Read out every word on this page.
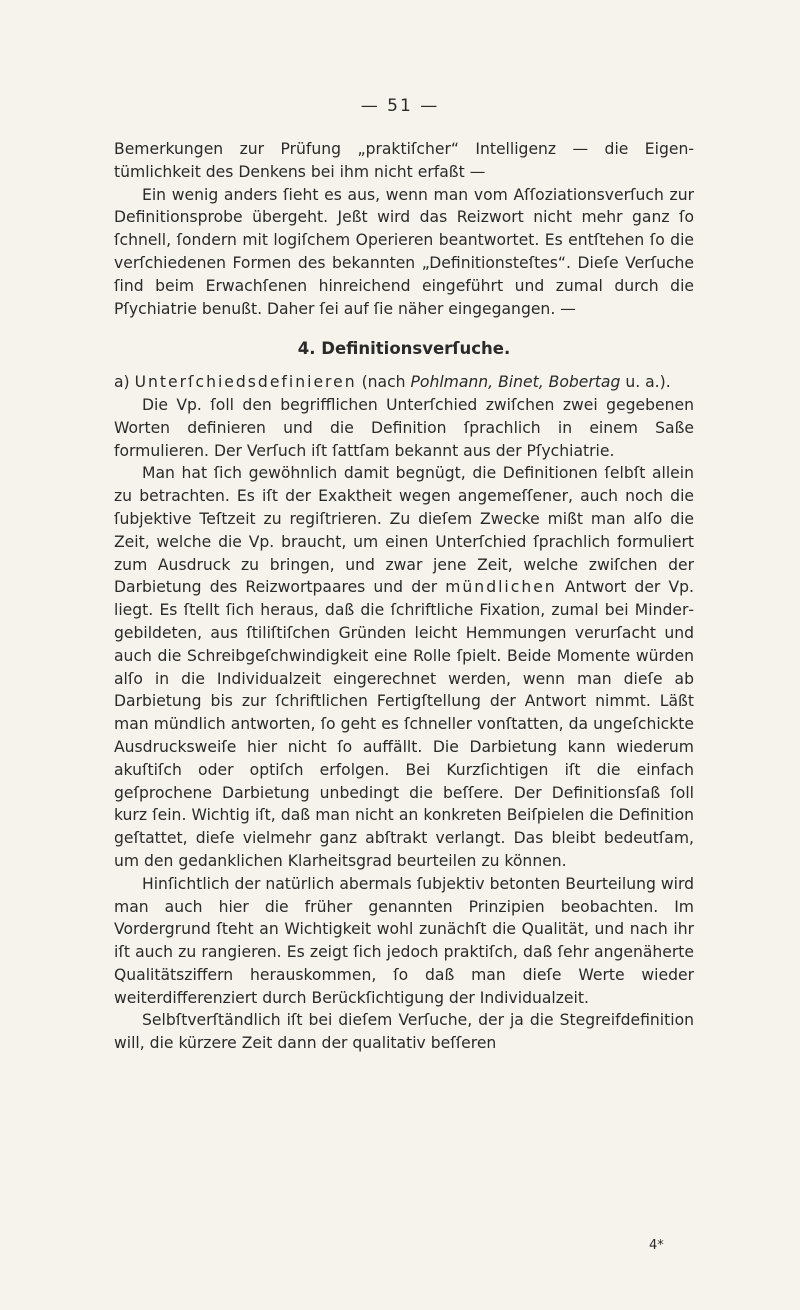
— 51 —

Bemerkungen zur Prüfung „praktiſcher“ Intelligenz — die Eigentümlichkeit des Denkens bei ihm nicht erfaßt —

Ein wenig anders ſieht es aus, wenn man vom Aſſoziationsverſuch zur Definitionsprobe übergeht. Jeßt wird das Reizwort nicht mehr ganz ſo ſchnell, ſondern mit logiſchem Operieren beantwortet. Es entſtehen ſo die verſchiedenen Formen des bekannten „Definitionsteſtes“. Dieſe Verſuche ſind beim Erwachſenen hinreichend eingeführt und zumal durch die Pſychiatrie benußt. Daher ſei auf ſie näher eingegangen. —

4. Definitionsverſuche.

a) Unterſchiedsdefinieren (nach Pohlmann, Binet, Bobertag u. a.).

Die Vp. ſoll den begrifflichen Unterſchied zwiſchen zwei gegebenen Worten definieren und die Definition ſprachlich in einem Saße formulieren. Der Verſuch iſt ſattſam bekannt aus der Pſychiatrie.

Man hat ſich gewöhnlich damit begnügt, die Definitionen ſelbſt allein zu betrachten. Es iſt der Exaktheit wegen angemeſſener, auch noch die ſubjektive Teſtzeit zu regiſtrieren. Zu dieſem Zwecke mißt man alſo die Zeit, welche die Vp. braucht, um einen Unterſchied ſprachlich formuliert zum Ausdruck zu bringen, und zwar jene Zeit, welche zwiſchen der Darbietung des Reizwortpaares und der mündlichen Antwort der Vp. liegt. Es ſtellt ſich heraus, daß die ſchriftliche Fixation, zumal bei Mindergebildeten, aus ſtiliſtiſchen Gründen leicht Hemmungen verurſacht und auch die Schreibgeſchwindigkeit eine Rolle ſpielt. Beide Momente würden alſo in die Individualzeit eingerechnet werden, wenn man dieſe ab Darbietung bis zur ſchriftlichen Fertigſtellung der Antwort nimmt. Läßt man mündlich antworten, ſo geht es ſchneller vonſtatten, da ungeſchickte Ausdrucksweiſe hier nicht ſo auffällt. Die Darbietung kann wiederum akuſtiſch oder optiſch erfolgen. Bei Kurzſichtigen iſt die einfach geſprochene Darbietung unbedingt die beſſere. Der Definitionsſaß ſoll kurz ſein. Wichtig iſt, daß man nicht an konkreten Beiſpielen die Definition geſtattet, dieſe vielmehr ganz abſtrakt verlangt. Das bleibt bedeutſam, um den gedanklichen Klarheitsgrad beurteilen zu können.

Hinſichtlich der natürlich abermals ſubjektiv betonten Beurteilung wird man auch hier die früher genannten Prinzipien beobachten. Im Vordergrund ſteht an Wichtigkeit wohl zunächſt die Qualität, und nach ihr iſt auch zu rangieren. Es zeigt ſich jedoch praktiſch, daß ſehr angenäherte Qualitätsziffern herauskommen, ſo daß man dieſe Werte wieder weiterdifferenziert durch Berückſichtigung der Individualzeit.

Selbſtverſtändlich iſt bei dieſem Verſuche, der ja die Stegreifdefinition will, die kürzere Zeit dann der qualitativ beſſeren

4*
